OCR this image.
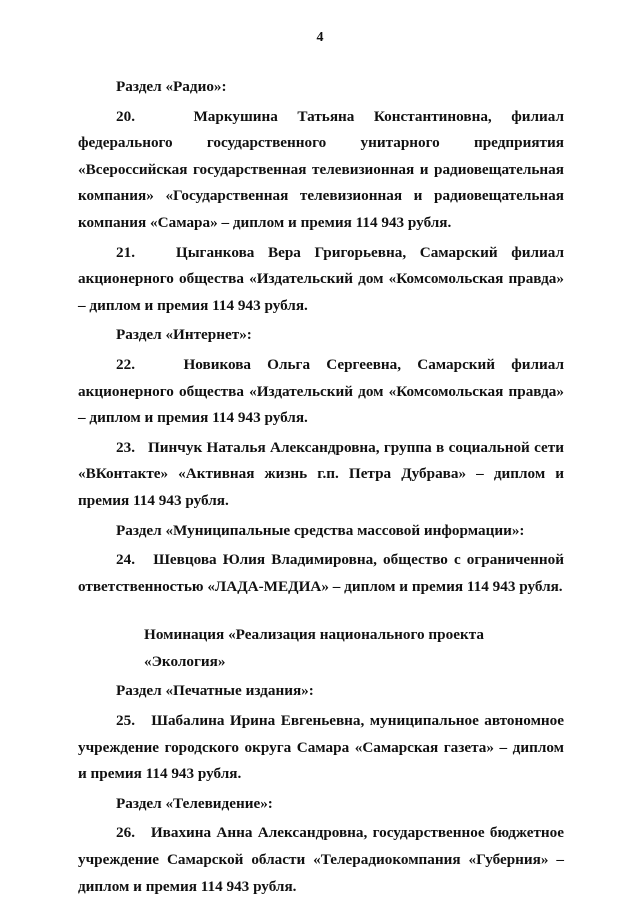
4

Раздел «Радио»:

20.   Маркушина Татьяна Константиновна, филиал федерального государственного унитарного предприятия «Всероссийская государственная телевизионная и радиовещательная компания» «Государственная телевизионная и радиовещательная компания «Самара» – диплом и премия 114 943 рубля.

21.   Цыганкова Вера Григорьевна, Самарский филиал акционерного общества «Издательский дом «Комсомольская правда» – диплом и премия 114 943 рубля.

Раздел «Интернет»:

22.   Новикова Ольга Сергеевна, Самарский филиал акционерного общества «Издательский дом «Комсомольская правда» – диплом и премия 114 943 рубля.

23.   Пинчук Наталья Александровна, группа в социальной сети «ВКонтакте» «Активная жизнь г.п. Петра Дубрава» – диплом и премия 114 943 рубля.

Раздел «Муниципальные средства массовой информации»:

24.   Шевцова Юлия Владимировна, общество с ограниченной ответственностью «ЛАДА-МЕДИА» – диплом и премия 114 943 рубля.

Номинация «Реализация национального проекта «Экология»

Раздел «Печатные издания»:

25.   Шабалина Ирина Евгеньевна, муниципальное автономное учреждение городского округа Самара «Самарская газета» – диплом и премия 114 943 рубля.

Раздел «Телевидение»:

26.   Ивахина Анна Александровна, государственное бюджетное учреждение Самарской области «Телерадиокомпания «Губерния» – диплом и премия 114 943 рубля.
